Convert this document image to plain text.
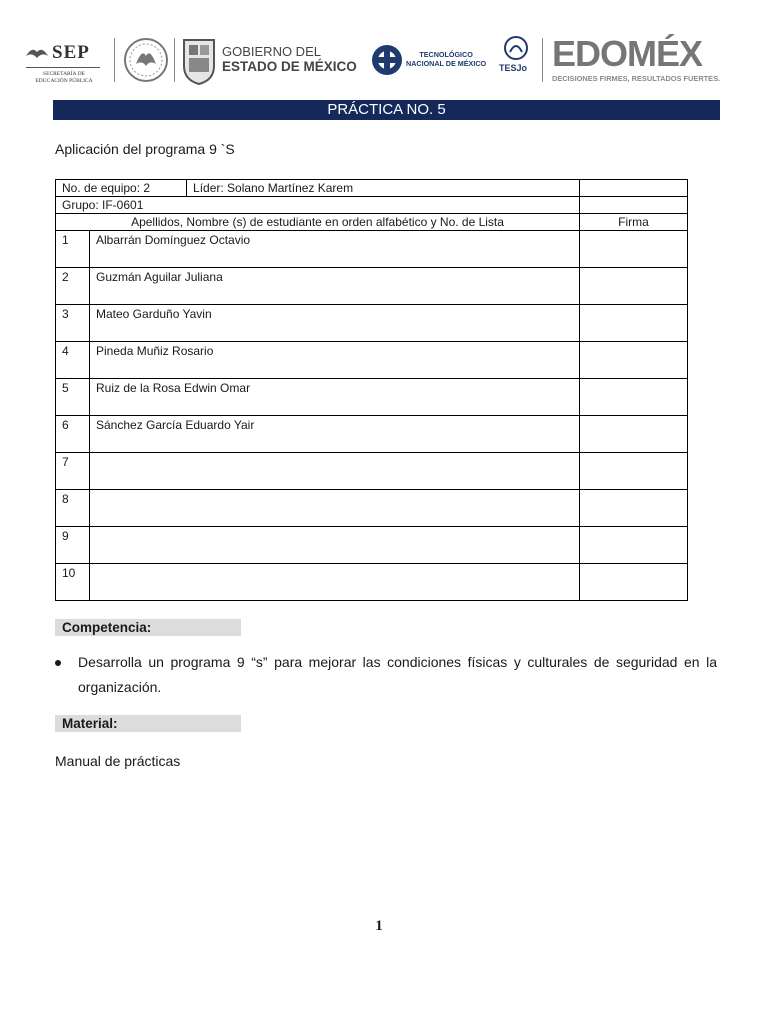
SEP
SECRETARÍA DE
EDUCACIÓN PÚBLICA
GOBIERNO DEL
ESTADO DE MÉXICO
TECNOLÓGICO
NACIONAL DE MÉXICO TESJo EDOMÉX
DECISIONES FIRMES, RESULTADOS FUERTES.
PRÁCTICA NO. 5
Aplicación del programa 9 `S
No. de equipo: 2		Líder: Solano Martínez Karem	
Grupo: IF-0601			
Apellidos, Nombre (s) de estudiante en orden alfabético y No. de Lista			Firma
1	Albarrán Domínguez Octavio		
2	Guzmán Aguilar Juliana		
3	Mateo Garduño Yavin		
4	Pineda Muñiz Rosario		
5	Ruiz de la Rosa Edwin Omar		
6	Sánchez García Eduardo Yair		
7			
8			
9			
10			
Competencia:
Desarrolla un programa 9 “s” para mejorar las condiciones físicas y culturales de seguridad en la organización.
Material:
Manual de prácticas
1
